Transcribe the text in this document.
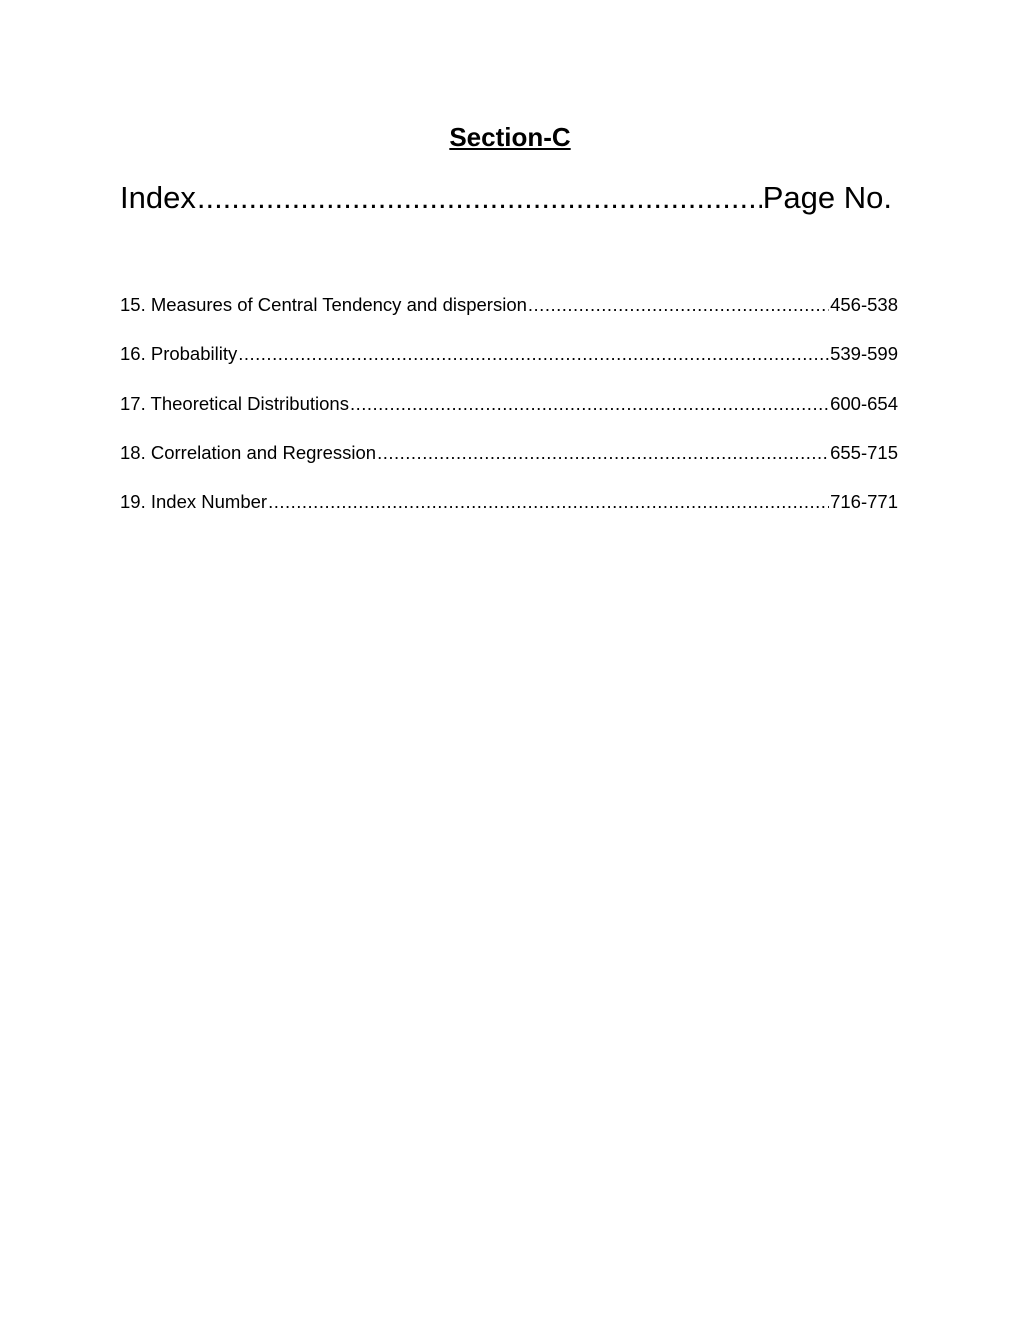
Section-C
Index .....	Page No.
15. Measures of Central Tendency and dispersion .....	456-538
16. Probability .....	539-599
17. Theoretical Distributions .....	600-654
18. Correlation and Regression .....	655-715
19. Index Number .....	716-771
